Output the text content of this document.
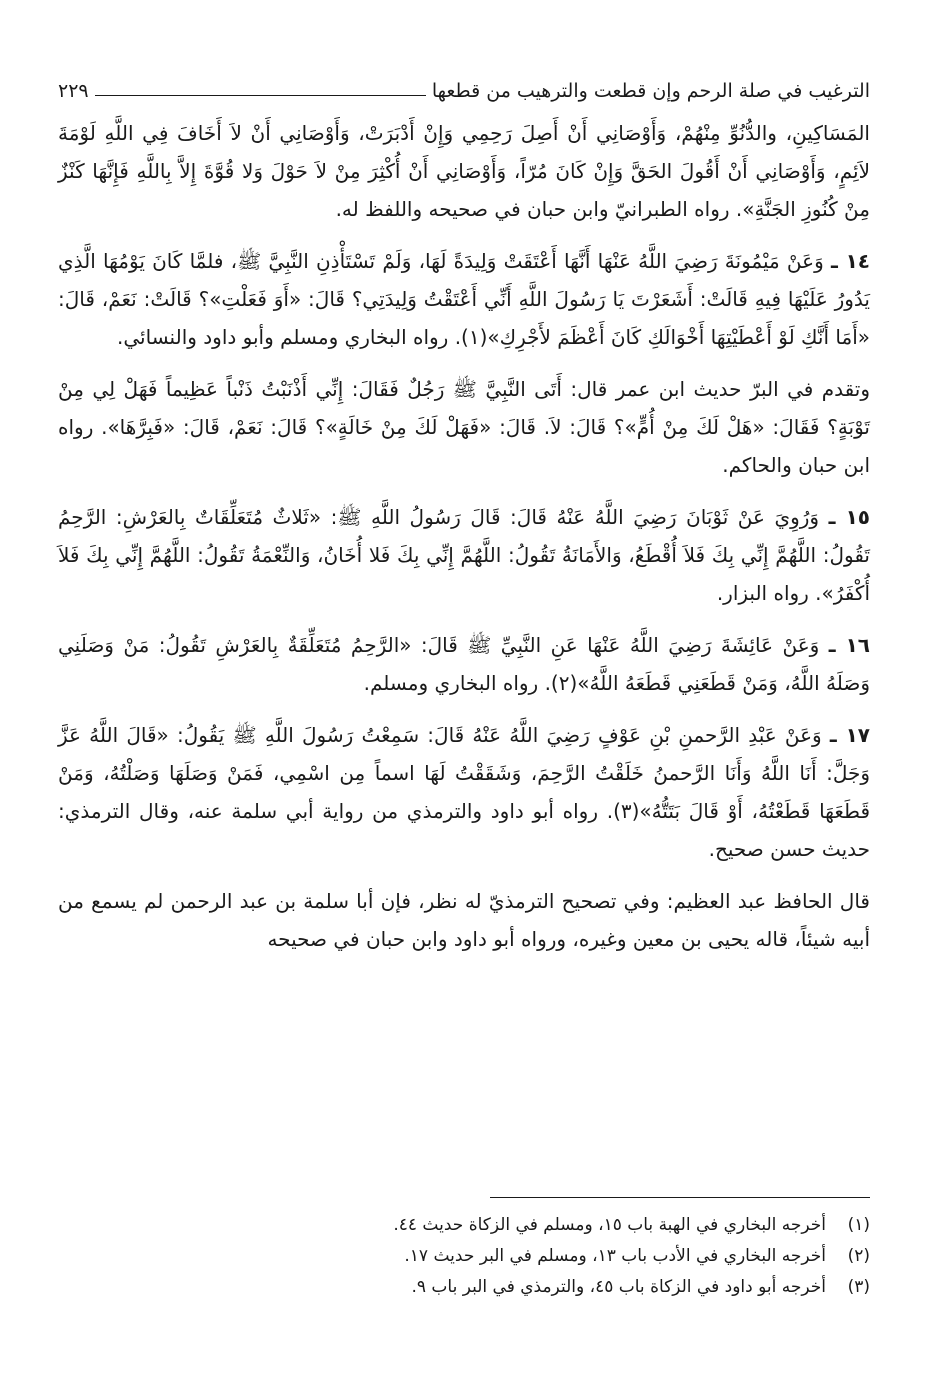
الترغيب في صلة الرحم وإن قطعت والترهيب من قطعها
٢٢٩

المَسَاكِينِ، والدُّنُوِّ مِنْهُمْ، وَأَوْصَانِي أَنْ أَصِلَ رَحِمِي وَإِنْ أَدْبَرَتْ، وَأَوْصَانِي أَنْ لاَ أَخَافَ فِي اللَّهِ لَوْمَةَ لاَئِمٍ، وَأَوْصَانِي أَنْ أَقُولَ الحَقَّ وَإِنْ كَانَ مُرّاً، وَأَوْصَانِي أَنْ أُكْثِرَ مِنْ لاَ حَوْلَ وَلا قُوَّةَ إِلاَّ بِاللَّهِ فَإِنَّهَا كَنْزٌ مِنْ كُنُوزِ الجَنَّةِ». رواه الطبرانيّ وابن حبان في صحيحه واللفظ له.

١٤ ـ وَعَنْ مَيْمُونَةَ رَضِيَ اللَّهُ عَنْهَا أَنَّهَا أَعْتَقَتْ وَلِيدَةً لَهَا، وَلَمْ تَسْتَأْذِنِ النَّبِيَّ ﷺ، فلمَّا كَانَ يَوْمُهَا الَّذِي يَدُورُ عَلَيْهَا فِيهِ قَالَتْ: أَشَعَرْتَ يَا رَسُولَ اللَّهِ أَنِّي أَعْتَقْتُ وَلِيدَتِي؟ قَالَ: «أَوَ فَعَلْتِ»؟ قَالَتْ: نَعَمْ، قَالَ: «أَمَا أَنَّكِ لَوْ أَعْطَيْتِهَا أَخْوَالَكِ كَانَ أَعْظَمَ لأَجْرِكِ»(١). رواه البخاري ومسلم وأبو داود والنسائي.

وتقدم في البرّ حديث ابن عمر قال: أَتَى النَّبِيَّ ﷺ رَجُلٌ فَقَالَ: إِنِّي أَذْنَبْتُ ذَنْباً عَظِيماً فَهَلْ لِي مِنْ تَوْبَةٍ؟ فَقَالَ: «هَلْ لَكَ مِنْ أُمٍّ»؟ قَالَ: لاَ. قَالَ: «فَهَلْ لَكَ مِنْ خَالَةٍ»؟ قَالَ: نَعَمْ، قَالَ: «فَبِرَّهَا». رواه ابن حبان والحاكم.

١٥ ـ وَرُوِيَ عَنْ ثَوْبَانَ رَضِيَ اللَّهُ عَنْهُ قَالَ: قَالَ رَسُولُ اللَّهِ ﷺ: «ثَلاثٌ مُتَعَلِّقَاتٌ بِالعَرْشِ: الرَّحِمُ تَقُولُ: اللَّهُمَّ إِنِّي بِكَ فَلاَ أُقْطَعُ، وَالأَمَانَةُ تَقُولُ: اللَّهُمَّ إِنِّي بِكَ فَلا أُخَانُ، وَالنِّعْمَةُ تَقُولُ: اللَّهُمَّ إِنِّي بِكَ فَلاَ أُكْفَرُ». رواه البزار.

١٦ ـ وَعَنْ عَائِشَةَ رَضِيَ اللَّهُ عَنْهَا عَنِ النَّبِيِّ ﷺ قَالَ: «الرَّحِمُ مُتَعَلِّقَةٌ بِالعَرْشِ تَقُولُ: مَنْ وَصَلَنِي وَصَلَهُ اللَّهُ، وَمَنْ قَطَعَنِي قَطَعَهُ اللَّهُ»(٢). رواه البخاري ومسلم.

١٧ ـ وَعَنْ عَبْدِ الرَّحمنِ بْنِ عَوْفٍ رَضِيَ اللَّهُ عَنْهُ قَالَ: سَمِعْتُ رَسُولَ اللَّهِ ﷺ يَقُولُ: «قَالَ اللَّهُ عَزَّ وَجَلَّ: أَنَا اللَّهُ وَأَنَا الرَّحمنُ خَلَقْتُ الرَّحِمَ، وَشَقَقْتُ لَهَا اسماً مِن اسْمِي، فَمَنْ وَصَلَهَا وَصَلْتُهُ، وَمَنْ قَطَعَهَا قَطَعْتُهُ، أَوْ قَالَ بَتَتُّهُ»(٣). رواه أبو داود والترمذي من رواية أبي سلمة عنه، وقال الترمذي: حديث حسن صحيح.

قال الحافظ عبد العظيم: وفي تصحيح الترمذيّ له نظر، فإن أبا سلمة بن عبد الرحمن لم يسمع من أبيه شيئاً، قاله يحيى بن معين وغيره، ورواه أبو داود وابن حبان في صحيحه

(١)
أخرجه البخاري في الهبة باب ١٥، ومسلم في الزكاة حديث ٤٤.
(٢)
أخرجه البخاري في الأدب باب ١٣، ومسلم في البر حديث ١٧.
(٣)
أخرجه أبو داود في الزكاة باب ٤٥، والترمذي في البر باب ٩.
